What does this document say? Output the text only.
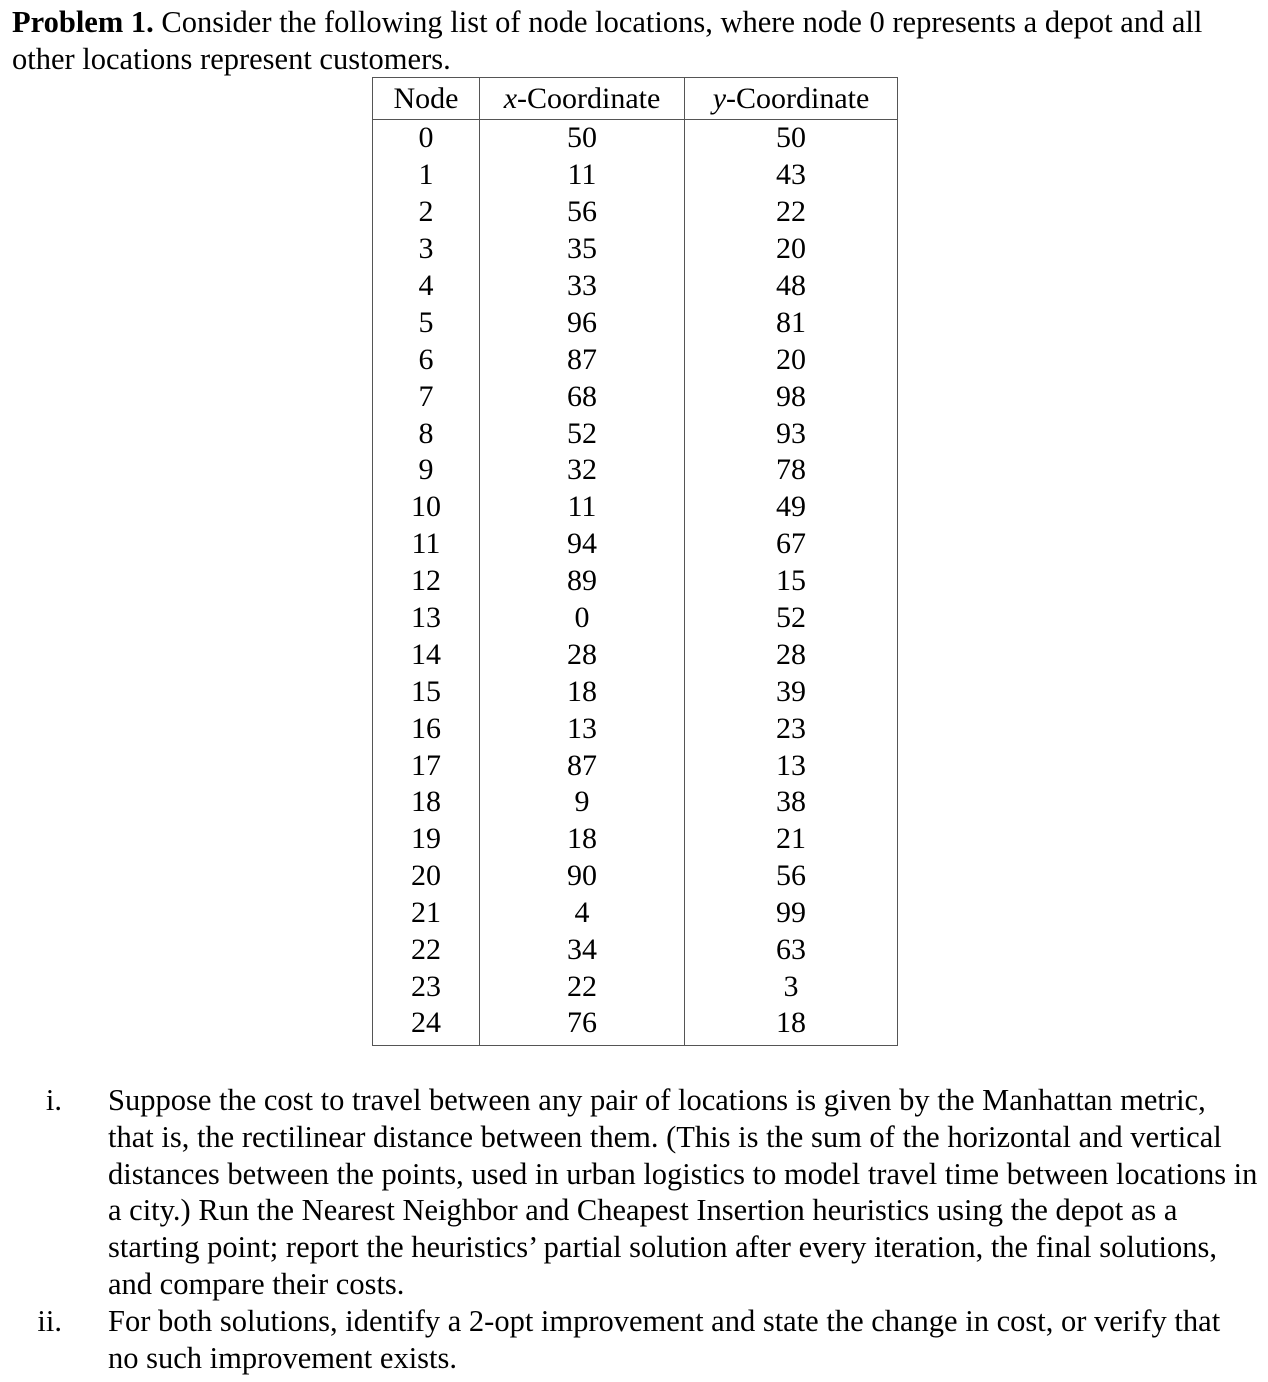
Problem 1. Consider the following list of node locations, where node 0 represents a depot and all other locations represent customers.

Node	x-Coordinate	y-Coordinate
0	50	50
1	11	43
2	56	22
3	35	20
4	33	48
5	96	81
6	87	20
7	68	98
8	52	93
9	32	78
10	11	49
11	94	67
12	89	15
13	0	52
14	28	28
15	18	39
16	13	23
17	87	13
18	9	38
19	18	21
20	90	56
21	4	99
22	34	63
23	22	3
24	76	18
i. Suppose the cost to travel between any pair of locations is given by the Manhattan metric, that is, the rectilinear distance between them. (This is the sum of the horizontal and vertical distances between the points, used in urban logistics to model travel time between locations in a city.) Run the Nearest Neighbor and Cheapest Insertion heuristics using the depot as a starting point; report the heuristics’ partial solution after every iteration, the final solutions, and compare their costs.
ii. For both solutions, identify a 2-opt improvement and state the change in cost, or verify that no such improvement exists.
